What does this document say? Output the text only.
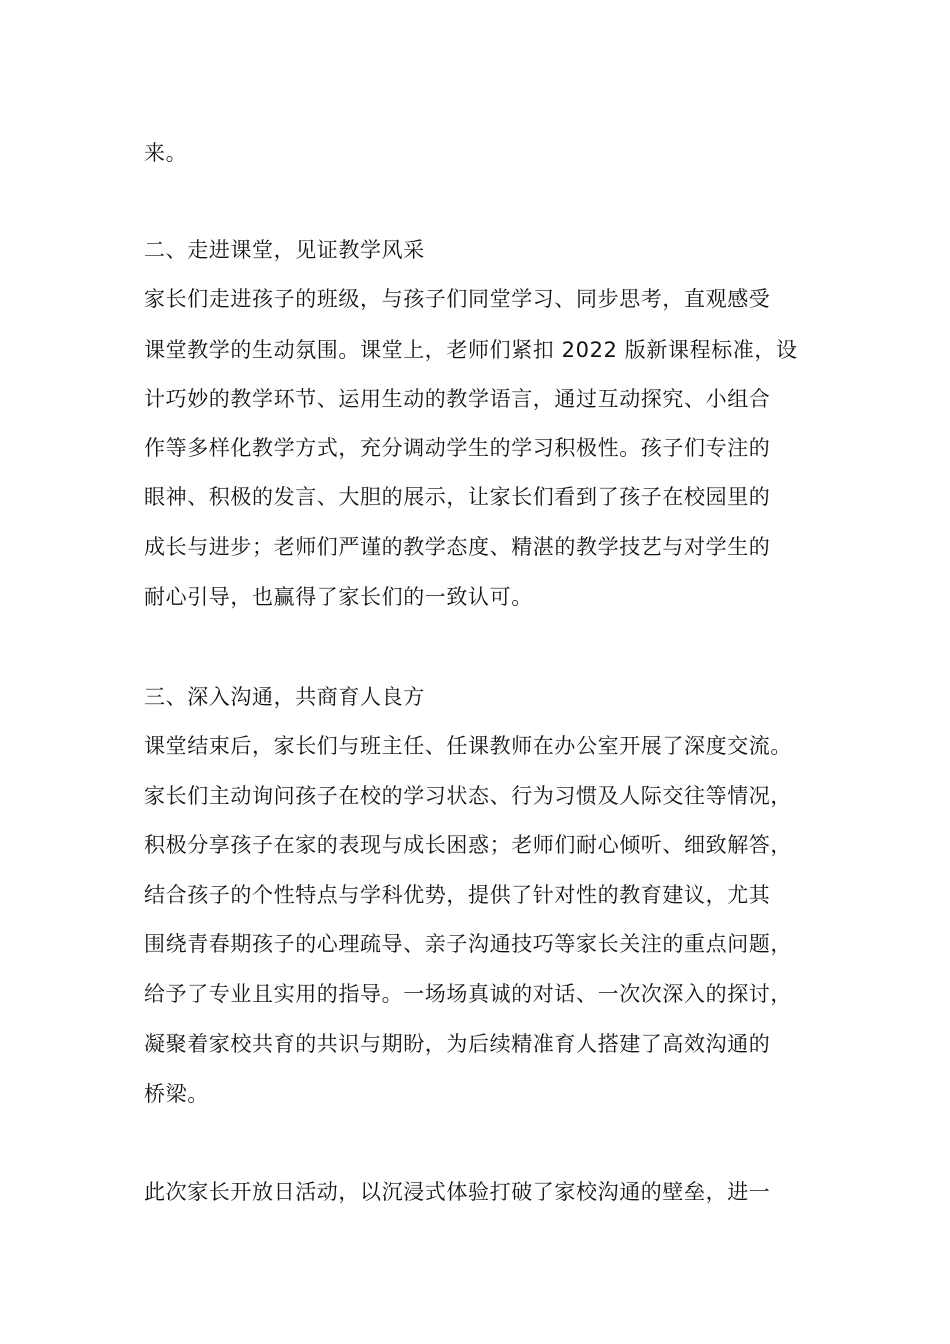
来。
二、走进课堂，见证教学风采
家长们走进孩子的班级，与孩子们同堂学习、同步思考，直观感受
课堂教学的生动氛围。课堂上，老师们紧扣 2022 版新课程标准，设
计巧妙的教学环节、运用生动的教学语言，通过互动探究、小组合
作等多样化教学方式，充分调动学生的学习积极性。孩子们专注的
眼神、积极的发言、大胆的展示，让家长们看到了孩子在校园里的
成长与进步；老师们严谨的教学态度、精湛的教学技艺与对学生的
耐心引导，也赢得了家长们的一致认可。
三、深入沟通，共商育人良方
课堂结束后，家长们与班主任、任课教师在办公室开展了深度交流。
家长们主动询问孩子在校的学习状态、行为习惯及人际交往等情况，
积极分享孩子在家的表现与成长困惑；老师们耐心倾听、细致解答，
结合孩子的个性特点与学科优势，提供了针对性的教育建议，尤其
围绕青春期孩子的心理疏导、亲子沟通技巧等家长关注的重点问题，
给予了专业且实用的指导。一场场真诚的对话、一次次深入的探讨，
凝聚着家校共育的共识与期盼，为后续精准育人搭建了高效沟通的
桥梁。
此次家长开放日活动，以沉浸式体验打破了家校沟通的壁垒，进一
